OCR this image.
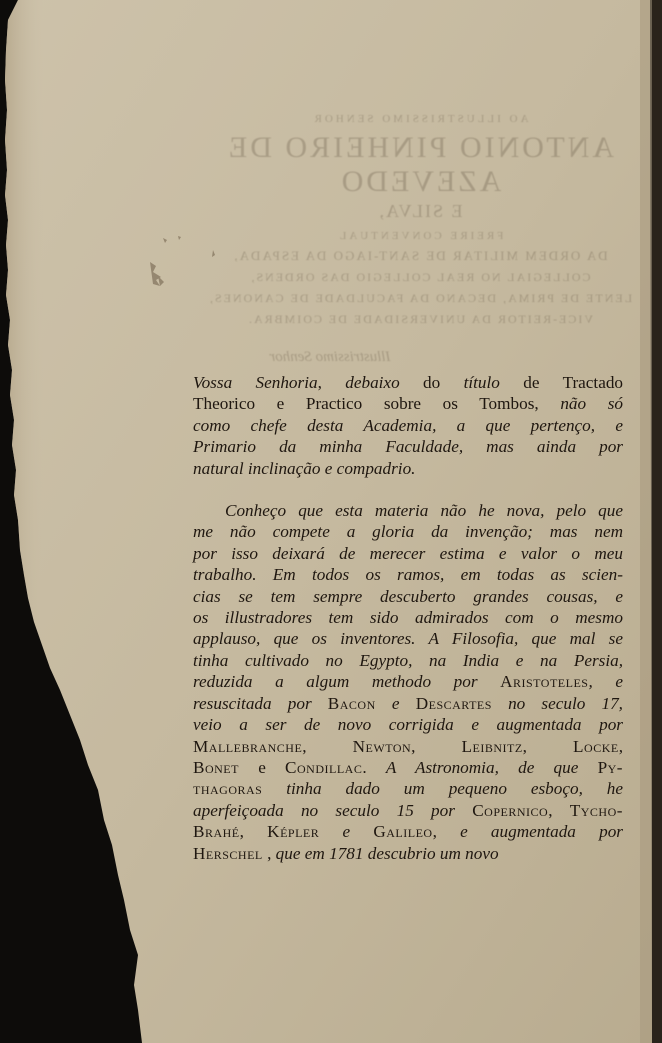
AO ILLUSTRISSIMO SENHOR
ANTONIO PINHEIRO DE AZEVEDO
E SILVA,
FREIRE CONVENTUAL
DA ORDEM MILITAR DE SANT-IAGO DA ESPADA,
COLLEGIAL NO REAL COLLEGIO DAS ORDENS,
LENTE DE PRIMA, DECANO DA FACULDADE DE CANONES,
VICE-REITOR DA UNIVERSIDADE DE COIMBRA.
Illustrissimo Senhor

Vossa Senhoria, debaixo do título de Tractado
Theorico e Practico sobre os Tombos, não só
como chefe desta Academia, a que pertenço, e
Primario da minha Faculdade, mas ainda por
natural inclinação e compadrio.

Conheço que esta materia não he nova, pelo que
me não compete a gloria da invenção; mas nem
por isso deixará de merecer estima e valor o meu
trabalho. Em todos os ramos, em todas as scien-
cias se tem sempre descuberto grandes cousas, e
os illustradores tem sido admirados com o mesmo
applauso, que os inventores. A Filosofia, que mal se
tinha cultivado no Egypto, na India e na Persia,
reduzida a algum methodo por Aristoteles, e
resuscitada por Bacon e Descartes no seculo 17,
veio a ser de novo corrigida e augmentada por
Mallebranche, Newton, Leibnitz, Locke,
Bonet e Condillac. A Astronomia, de que Py-
thagoras tinha dado um pequeno esboço, he
aperfeiçoada no seculo 15 por Copernico, Tycho-
Brahé, Képler e Galileo, e augmentada por
Herschel , que em 1781 descubrio um novo
